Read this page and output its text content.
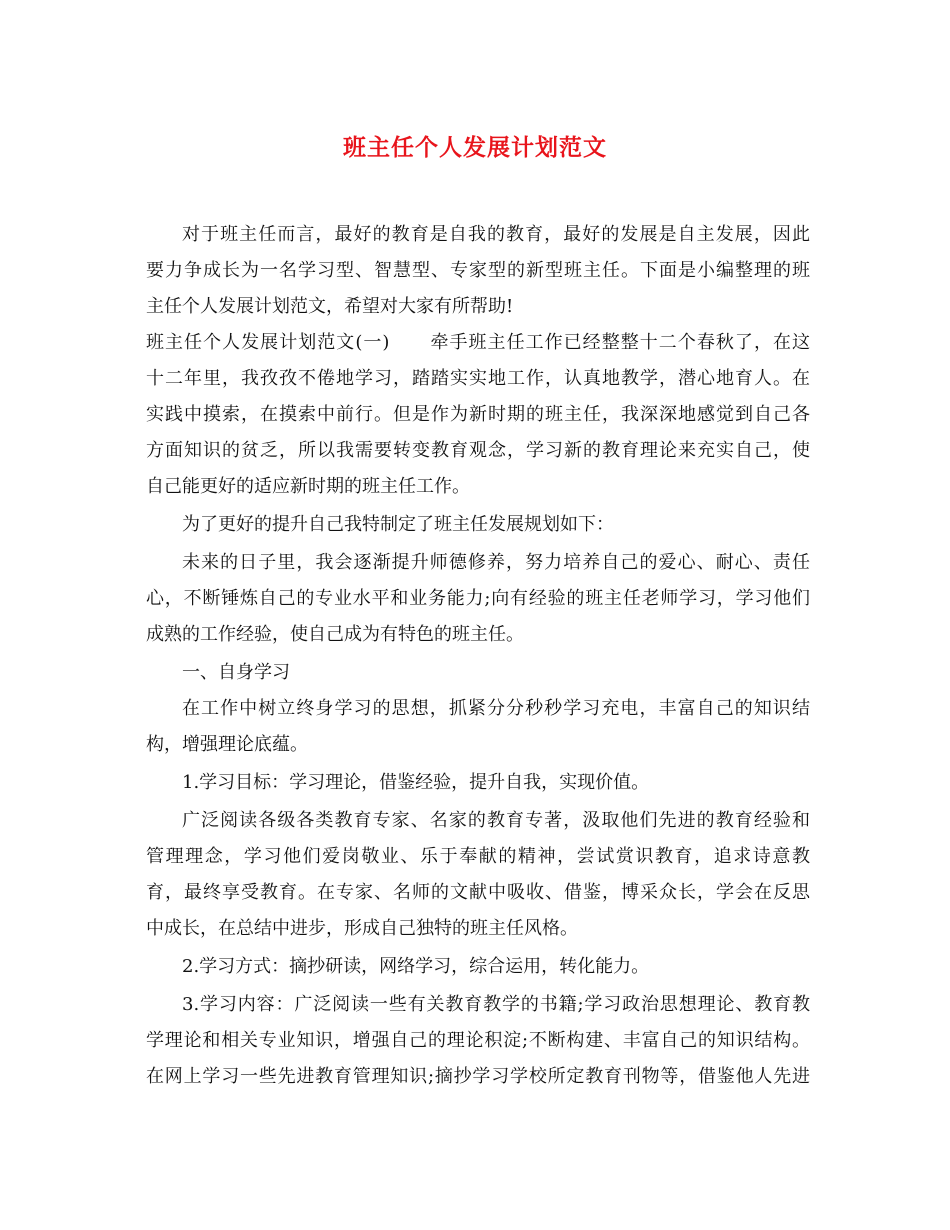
班主任个人发展计划范文

对于班主任而言，最好的教育是自我的教育，最好的发展是自主发展，因此

要力争成长为一名学习型、智慧型、专家型的新型班主任。下面是小编整理的班

主任个人发展计划范文，希望对大家有所帮助!

班主任个人发展计划范文(一) 牵手班主任工作已经整整十二个春秋了，在这

十二年里，我孜孜不倦地学习，踏踏实实地工作，认真地教学，潜心地育人。在

实践中摸索，在摸索中前行。但是作为新时期的班主任，我深深地感觉到自己各

方面知识的贫乏，所以我需要转变教育观念，学习新的教育理论来充实自己，使

自己能更好的适应新时期的班主任工作。

为了更好的提升自己我特制定了班主任发展规划如下：

未来的日子里，我会逐渐提升师德修养，努力培养自己的爱心、耐心、责任

心，不断锤炼自己的专业水平和业务能力;向有经验的班主任老师学习，学习他们

成熟的工作经验，使自己成为有特色的班主任。

一、自身学习

在工作中树立终身学习的思想，抓紧分分秒秒学习充电，丰富自己的知识结

构，增强理论底蕴。

1.学习目标：学习理论，借鉴经验，提升自我，实现价值。

广泛阅读各级各类教育专家、名家的教育专著，汲取他们先进的教育经验和

管理理念，学习他们爱岗敬业、乐于奉献的精神，尝试赏识教育，追求诗意教

育，最终享受教育。在专家、名师的文献中吸收、借鉴，博采众长，学会在反思

中成长，在总结中进步，形成自己独特的班主任风格。

2.学习方式：摘抄研读，网络学习，综合运用，转化能力。

3.学习内容：广泛阅读一些有关教育教学的书籍;学习政治思想理论、教育教

学理论和相关专业知识，增强自己的理论积淀;不断构建、丰富自己的知识结构。

在网上学习一些先进教育管理知识;摘抄学习学校所定教育刊物等，借鉴他人先进
